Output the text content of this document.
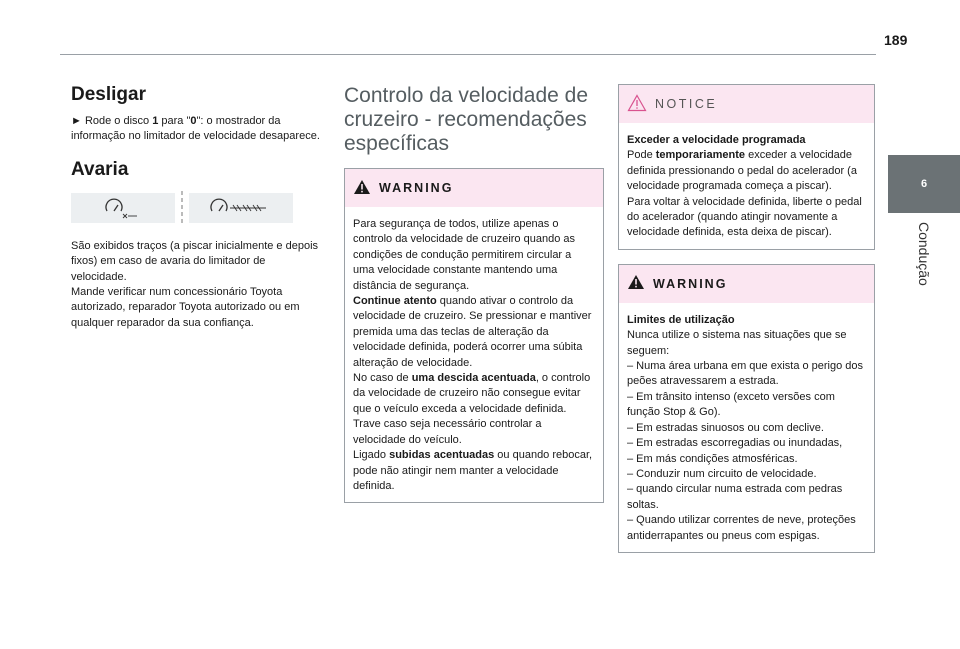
189
6
Condução
Desligar

► Rode o disco 1 para "0": o mostrador da informação no limitador de velocidade desaparece.

Avaria

São exibidos traços (a piscar inicialmente e depois fixos) em caso de avaria do limitador de velocidade.

Mande verificar num concessionário Toyota autorizado, reparador Toyota autorizado ou em qualquer reparador da sua confiança.

Controlo da velocidade de cruzeiro - recomendações específicas
WARNING
Para segurança de todos, utilize apenas o controlo da velocidade de cruzeiro quando as condições de condução permitirem circular a uma velocidade constante mantendo uma distância de segurança.
Continue atento quando ativar o controlo da velocidade de cruzeiro. Se pressionar e mantiver premida uma das teclas de alteração da velocidade definida, poderá ocorrer uma súbita alteração de velocidade.
No caso de uma descida acentuada, o controlo da velocidade de cruzeiro não consegue evitar que o veículo exceda a velocidade definida. Trave caso seja necessário controlar a velocidade do veículo.
Ligado subidas acentuadas ou quando rebocar, pode não atingir nem manter a velocidade definida.
NOTICE
Exceder a velocidade programada
Pode temporariamente exceder a velocidade definida pressionando o pedal do acelerador (a velocidade programada começa a piscar).
Para voltar à velocidade definida, liberte o pedal do acelerador (quando atingir novamente a velocidade definida, esta deixa de piscar).
WARNING
Limites de utilização
Nunca utilize o sistema nas situações que se seguem:
– Numa área urbana em que exista o perigo dos peões atravessarem a estrada.
– Em trânsito intenso (exceto versões com função Stop & Go).
– Em estradas sinuosos ou com declive.
– Em estradas escorregadias ou inundadas,
– Em más condições atmosféricas.
– Conduzir num circuito de velocidade.
– quando circular numa estrada com pedras soltas.
– Quando utilizar correntes de neve, proteções antiderrapantes ou pneus com espigas.
